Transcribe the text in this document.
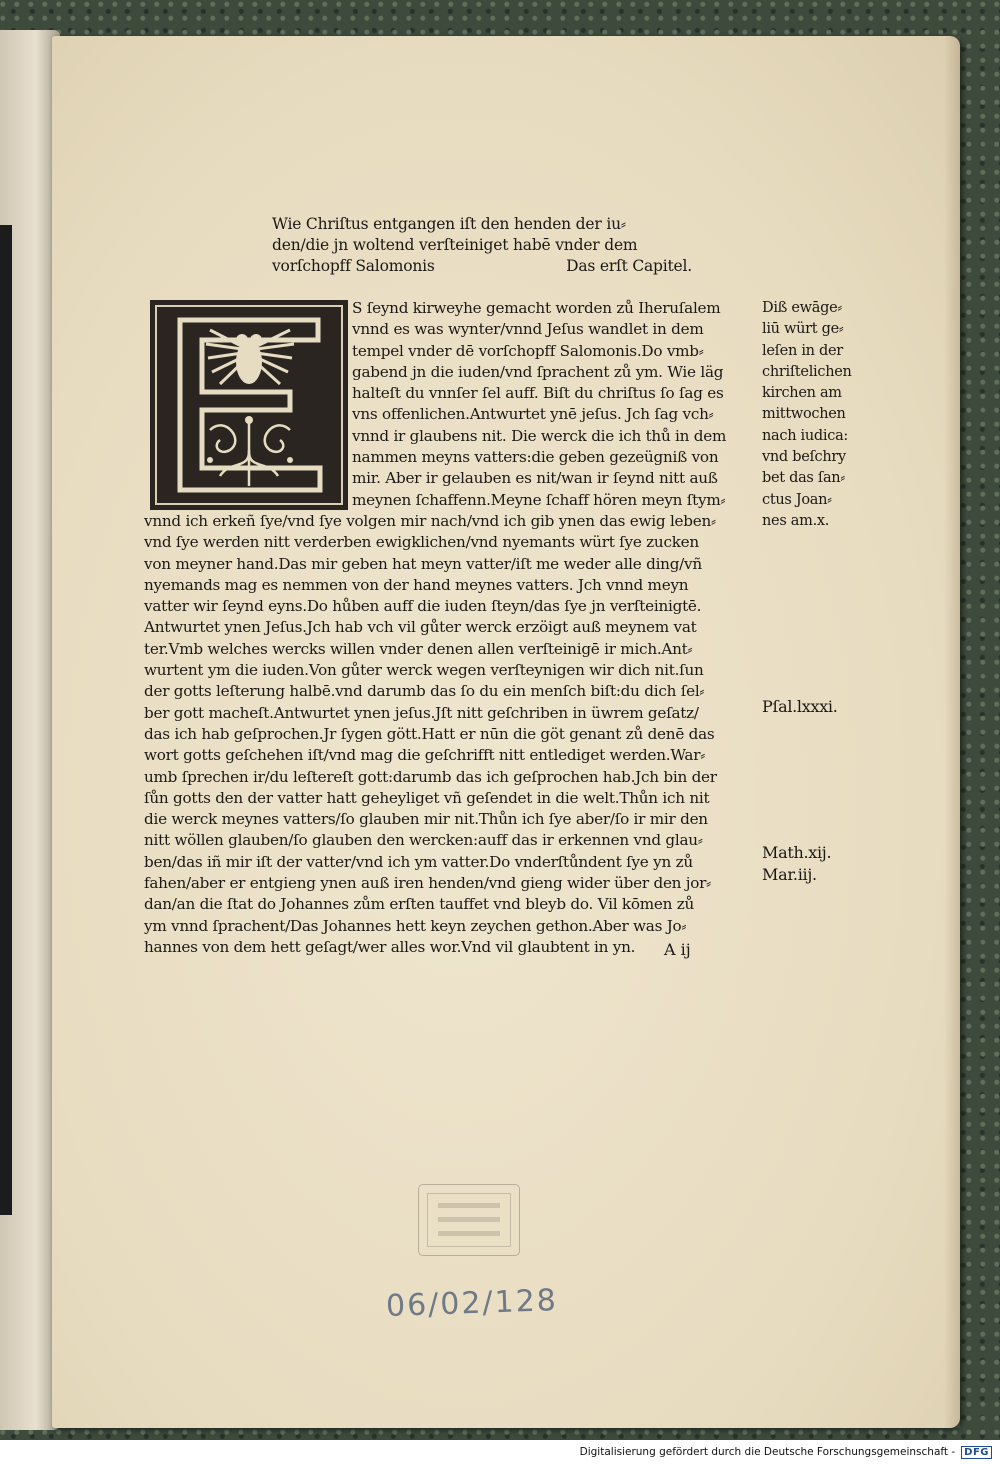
Wie Chriſtus entgangen iſt den henden der iu⸗
den/die jn woltend verſteiniget habē vnder dem
vorſchopff Salomonis	Das erſt Capitel.
S ſeynd kirweyhe gemacht worden zů Iheruſalem
vnnd es was wynter/vnnd Jeſus wandlet in dem
tempel vnder dē vorſchopff Salomonis.Do vmb⸗
gabend jn die iuden/vnd ſprachent zů ym. Wie läg
halteſt du vnnſer ſel auff. Biſt du chriſtus ſo ſag es
vns offenlichen.Antwurtet ynē jeſus. Jch ſag vch⸗
vnnd ir glaubens nit. Die werck die ich thů in dem
nammen meyns vatters:die geben gezeügniß von
mir. Aber ir gelauben es nit/wan ir ſeynd nitt auß
meynen ſchaffenn.Meyne ſchaff hören meyn ſtym⸗
vnnd ich erkeñ ſye/vnd ſye volgen mir nach/vnd ich gib ynen das ewig leben⸗
vnd ſye werden nitt verderben ewigklichen/vnd nyemants würt ſye zucken
von meyner hand.Das mir geben hat meyn vatter/iſt me weder alle ding/vñ
nyemands mag es nemmen von der hand meynes vatters. Jch vnnd meyn
vatter wir ſeynd eyns.Do hůben auff die iuden ſteyn/das ſye jn verſteinigtē.
Antwurtet ynen Jeſus.Jch hab vch vil gůter werck erzöigt auß meynem vat
ter.Vmb welches wercks willen vnder denen allen verſteinigē ir mich.Ant⸗
wurtent ym die iuden.Von gůter werck wegen verſteynigen wir dich nit.ſun
der gotts leſterung halbē.vnd darumb das ſo du ein menſch biſt:du dich ſel⸗
ber gott macheſt.Antwurtet ynen jeſus.Jſt nitt geſchriben in üwrem geſatz/
das ich hab geſprochen.Jr ſygen gött.Hatt er nūn die göt genant zů denē das
wort gotts geſchehen iſt/vnd mag die geſchrifft nitt entlediget werden.War⸗
umb ſprechen ir/du leſtereſt gott:darumb das ich geſprochen hab.Jch bin der
ſůn gotts den der vatter hatt geheyliget vñ geſendet in die welt.Thůn ich nit
die werck meynes vatters/ſo glauben mir nit.Thůn ich ſye aber/ſo ir mir den
nitt wöllen glauben/ſo glauben den wercken:auff das ir erkennen vnd glau⸗
ben/das iñ mir iſt der vatter/vnd ich ym vatter.Do vnderſtůndent ſye yn zů
fahen/aber er entgieng ynen auß iren henden/vnd gieng wider über den jor⸗
dan/an die ſtat do Johannes zům erſten tauffet vnd bleyb do. Vil kōmen zů
ym vnnd ſprachent/Das Johannes hett keyn zeychen gethon.Aber was Jo⸗
hannes von dem hett geſagt/wer alles wor.Vnd vil glaubtent in yn.
Diß ewāge⸗
liū würt ge⸗
leſen in der
chriſtelichen
kirchen am
mittwochen
nach iudica:
vnd beſchry
bet das ſan⸗
ctus Joan⸗
nes am.x.
Pſal.lxxxi.
Math.xij.
Mar.iij.
A ij
06/02/128
Digitalisierung gefördert durch die Deutsche Forschungsgemeinschaft - DFG
